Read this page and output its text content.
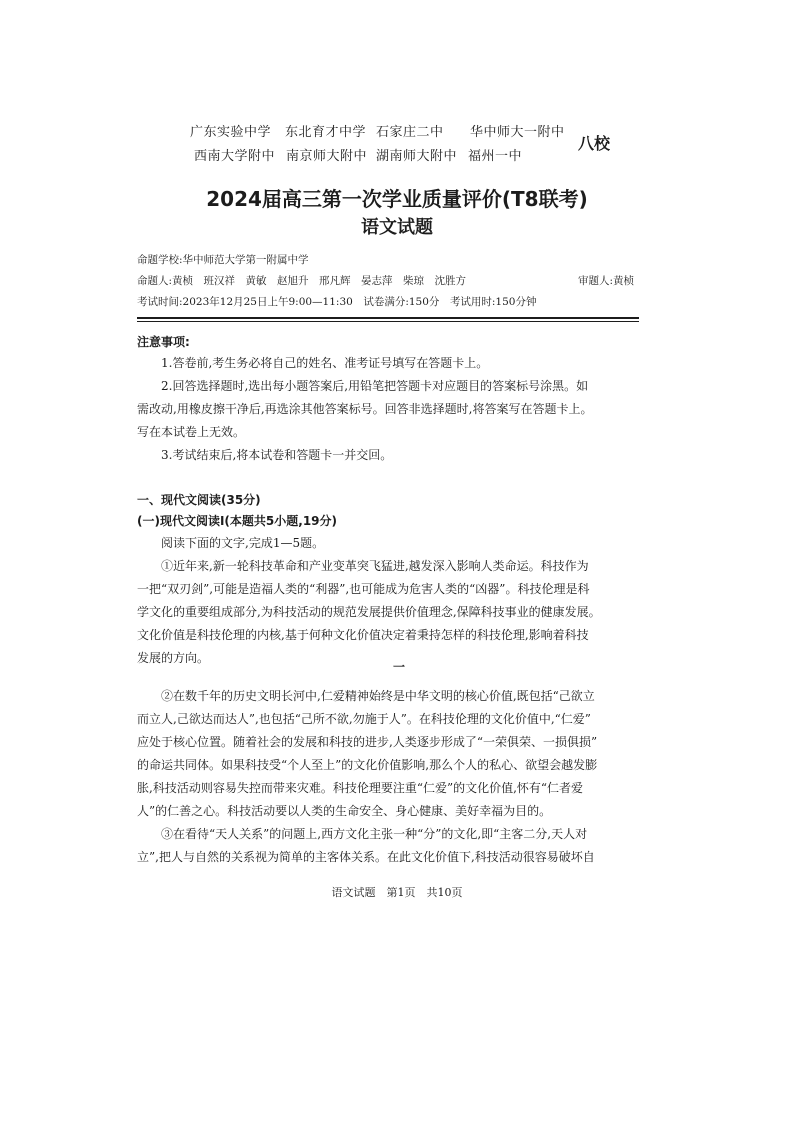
广东实验中学 东北育才中学 石家庄二中 华中师大一附中
西南大学附中 南京师大附中 湖南师大附中 福州一中
八校
2024届高三第一次学业质量评价(T8联考)
语文试题
命题学校:华中师范大学第一附属中学
命题人:黄桢　班汉祥　黄敏　赵旭升　邢凡辉　晏志萍　柴琼　沈胜方	审题人:黄桢
考试时间:2023年12月25日上午9:00—11:30　试卷满分:150分　考试用时:150分钟
注意事项:
1.答卷前,考生务必将自己的姓名、准考证号填写在答题卡上。
2.回答选择题时,选出每小题答案后,用铅笔把答题卡对应题目的答案标号涂黑。如
需改动,用橡皮擦干净后,再选涂其他答案标号。回答非选择题时,将答案写在答题卡上。
写在本试卷上无效。
3.考试结束后,将本试卷和答题卡一并交回。
一、现代文阅读(35分)
(一)现代文阅读Ⅰ(本题共5小题,19分)
阅读下面的文字,完成1—5题。
①近年来,新一轮科技革命和产业变革突飞猛进,越发深入影响人类命运。科技作为
一把“双刃剑”,可能是造福人类的“利器”,也可能成为危害人类的“凶器”。科技伦理是科
学文化的重要组成部分,为科技活动的规范发展提供价值理念,保障科技事业的健康发展。
文化价值是科技伦理的内核,基于何种文化价值决定着秉持怎样的科技伦理,影响着科技
发展的方向。
一
②在数千年的历史文明长河中,仁爱精神始终是中华文明的核心价值,既包括“己欲立
而立人,己欲达而达人”,也包括“己所不欲,勿施于人”。在科技伦理的文化价值中,“仁爱”
应处于核心位置。随着社会的发展和科技的进步,人类逐步形成了“一荣俱荣、一损俱损”
的命运共同体。如果科技受“个人至上”的文化价值影响,那么个人的私心、欲望会越发膨
胀,科技活动则容易失控而带来灾难。科技伦理要注重“仁爱”的文化价值,怀有“仁者爱
人”的仁善之心。科技活动要以人类的生命安全、身心健康、美好幸福为目的。
③在看待“天人关系”的问题上,西方文化主张一种“分”的文化,即“主客二分,天人对
立”,把人与自然的关系视为简单的主客体关系。在此文化价值下,科技活动很容易破坏自
语文试题　第1页　共10页
